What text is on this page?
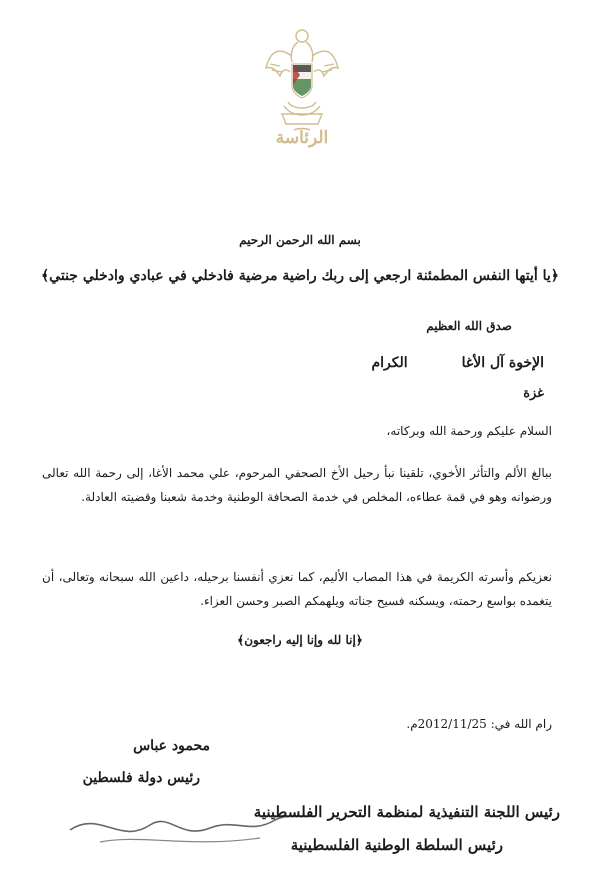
الرئاسة
بسم الله الرحمن الرحيم
﴿يا أيتها النفس المطمئنة ارجعي إلى ربك راضية مرضية فادخلي في عبادي وادخلي جنتي﴾
صدق الله العظيم
الإخوة آل الأغاالكرام
غزة
السلام عليكم ورحمة الله وبركاته،
ببالغ الألم والتأثر الأخوي، تلقينا نبأ رحيل الأخ الصحفي المرحوم، علي محمد الأغا، إلى رحمة الله تعالى ورضوانه وهو في قمة عطاءه، المخلص في خدمة الصحافة الوطنية وخدمة شعبنا وقضيته العادلة.
نعزيكم وأسرته الكريمة في هذا المصاب الأليم، كما نعزي أنفسنا برحيله، داعين الله سبحانه وتعالى، أن يتغمده بواسع رحمته، ويسكنه فسيح جناته ويلهمكم الصبر وحسن العزاء.
﴿إنا لله وإنا إليه راجعون﴾
رام الله في: 2012/11/25م.
محمود عباس
رئيس دولة فلسطين
رئيس اللجنة التنفيذية لمنظمة التحرير الفلسطينية
رئيس السلطة الوطنية الفلسطينية
